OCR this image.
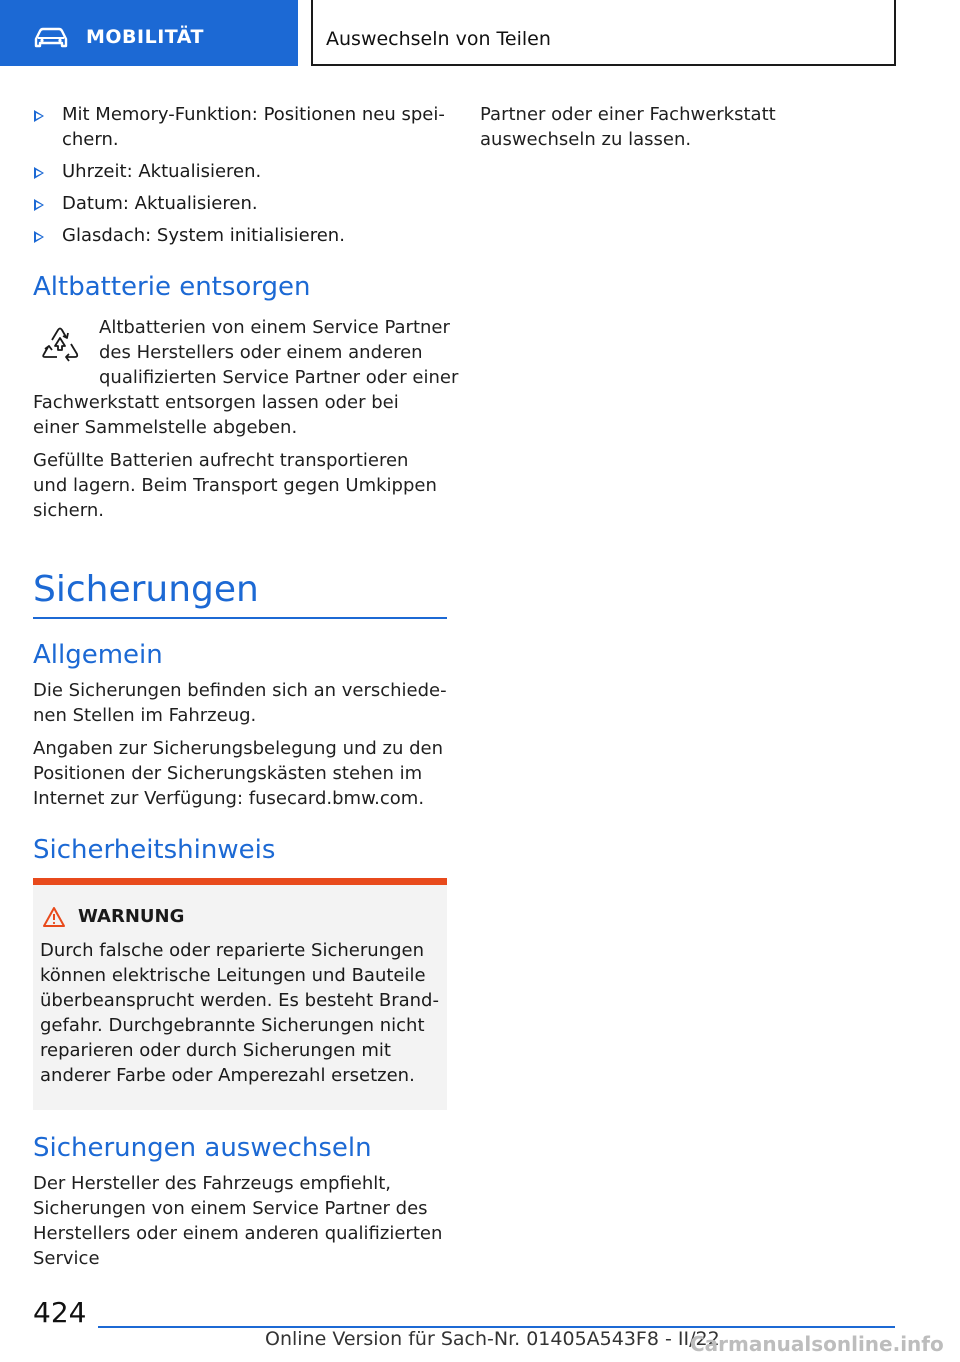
MOBILITÄT	Auswechseln von Teilen
Mit Memory-Funktion: Positionen neu speichern.
Uhrzeit: Aktualisieren.
Datum: Aktualisieren.
Glasdach: System initialisieren.
Altbatterie entsorgen
Altbatterien von einem Service Partner
des Herstellers oder einem anderen
qualifizierten Service Partner oder einer
Fachwerkstatt entsorgen lassen oder bei einer Sammelstelle abgeben.
Gefüllte Batterien aufrecht transportieren und lagern. Beim Transport gegen Umkippen sichern.
Sicherungen
Allgemein
Die Sicherungen befinden sich an verschiedenen Stellen im Fahrzeug.
Angaben zur Sicherungsbelegung und zu den Positionen der Sicherungskästen stehen im Internet zur Verfügung: fusecard.bmw.com.
Sicherheitshinweis
WARNUNG
Durch falsche oder reparierte Sicherungen können elektrische Leitungen und Bauteile überbeansprucht werden. Es besteht Brandgefahr. Durchgebrannte Sicherungen nicht reparieren oder durch Sicherungen mit anderer Farbe oder Amperezahl ersetzen.
Sicherungen auswechseln
Der Hersteller des Fahrzeugs empfiehlt, Sicherungen von einem Service Partner des Herstellers oder einem anderen qualifizierten Service
Partner oder einer Fachwerkstatt auswechseln zu lassen.
424
Online Version für Sach-Nr. 01405A543F8 - II/22
Carmanualsonline.info
